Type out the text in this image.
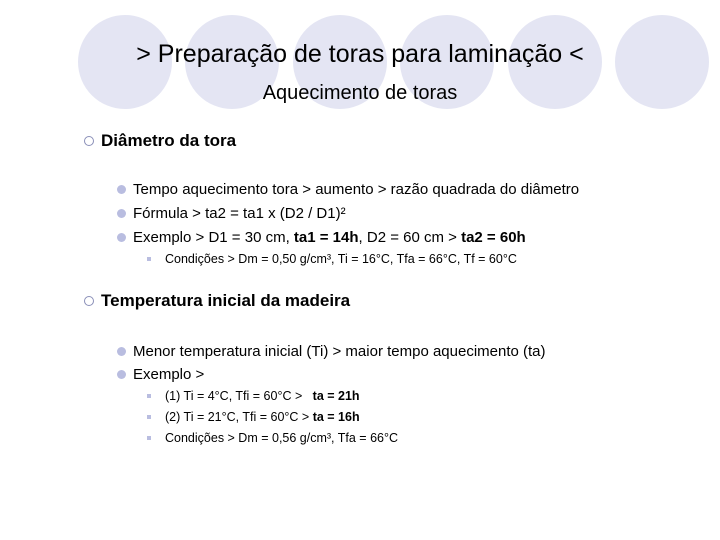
> Preparação de toras para laminação <
Aquecimento de toras
Diâmetro da tora
Tempo aquecimento tora > aumento > razão quadrada do diâmetro
Fórmula > ta2 = ta1 x (D2 / D1)²
Exemplo > D1 = 30 cm, ta1 = 14h, D2 = 60 cm > ta2 = 60h
Condições > Dm = 0,50 g/cm³, Ti = 16°C, Tfa = 66°C, Tf = 60°C
Temperatura inicial da madeira
Menor temperatura inicial (Ti) > maior tempo aquecimento (ta)
Exemplo >
(1) Ti = 4°C, Tfi = 60°C >   ta = 21h
(2) Ti = 21°C, Tfi = 60°C > ta = 16h
Condições > Dm = 0,56 g/cm³, Tfa = 66°C
